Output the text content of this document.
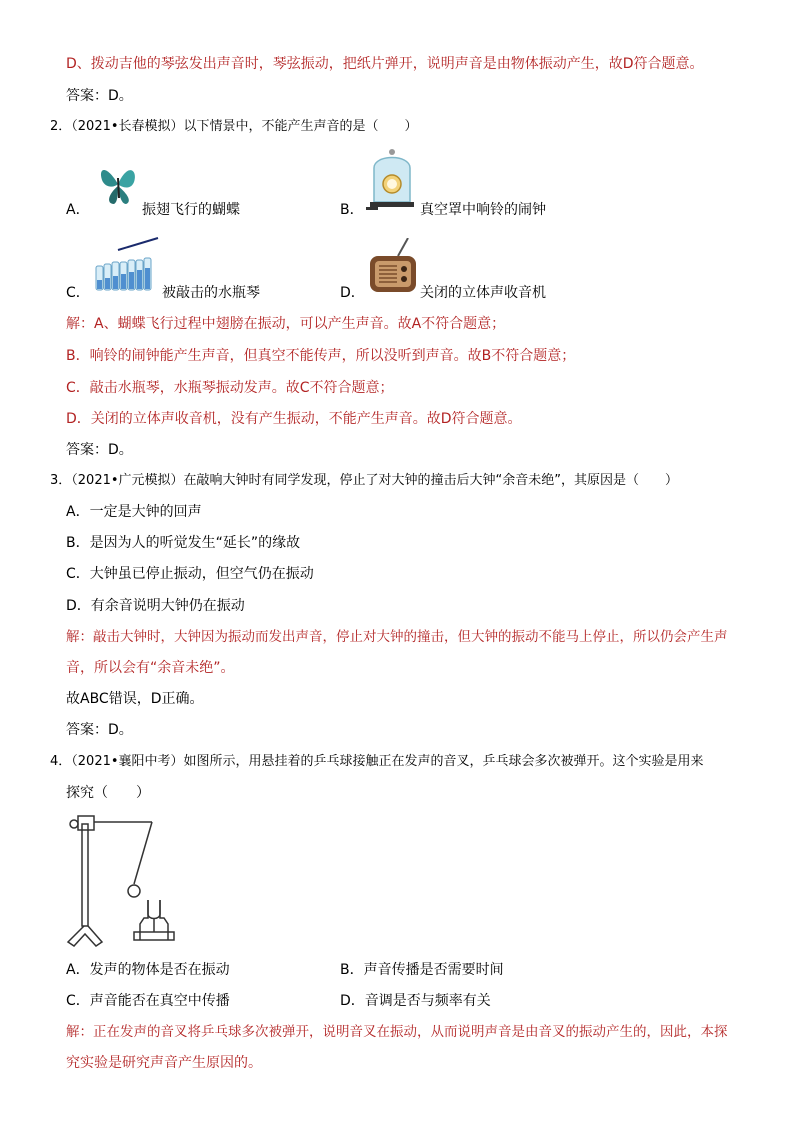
D、拨动吉他的琴弦发出声音时，琴弦振动，把纸片弹开，说明声音是由物体振动产生，故D符合题意。
答案：D。
2．（2021•长春模拟）以下情景中，不能产生声音的是（　　）
A．	振翅飞行的蝴蝶	B．	真空罩中响铃的闹钟
C．	被敲击的水瓶琴	D．	关闭的立体声收音机
解：A、蝴蝶飞行过程中翅膀在振动，可以产生声音。故A不符合题意；
B．响铃的闹钟能产生声音，但真空不能传声，所以没听到声音。故B不符合题意；
C．敲击水瓶琴，水瓶琴振动发声。故C不符合题意；
D．关闭的立体声收音机，没有产生振动，不能产生声音。故D符合题意。
答案：D。
3．（2021•广元模拟）在敲响大钟时有同学发现，停止了对大钟的撞击后大钟“余音未绝”，其原因是（　　）
A．一定是大钟的回声
B．是因为人的听觉发生“延长”的缘故
C．大钟虽已停止振动，但空气仍在振动
D．有余音说明大钟仍在振动
解：敲击大钟时，大钟因为振动而发出声音，停止对大钟的撞击，但大钟的振动不能马上停止，所以仍会产生声
音，所以会有“余音未绝”。
故ABC错误，D正确。
答案：D。
4．（2021•襄阳中考）如图所示，用悬挂着的乒乓球接触正在发声的音叉，乒乓球会多次被弹开。这个实验是用来
探究（　　）
A．发声的物体是否在振动	B．声音传播是否需要时间
C．声音能否在真空中传播	D．音调是否与频率有关
解：正在发声的音叉将乒乓球多次被弹开，说明音叉在振动，从而说明声音是由音叉的振动产生的，因此，本探
究实验是研究声音产生原因的。
